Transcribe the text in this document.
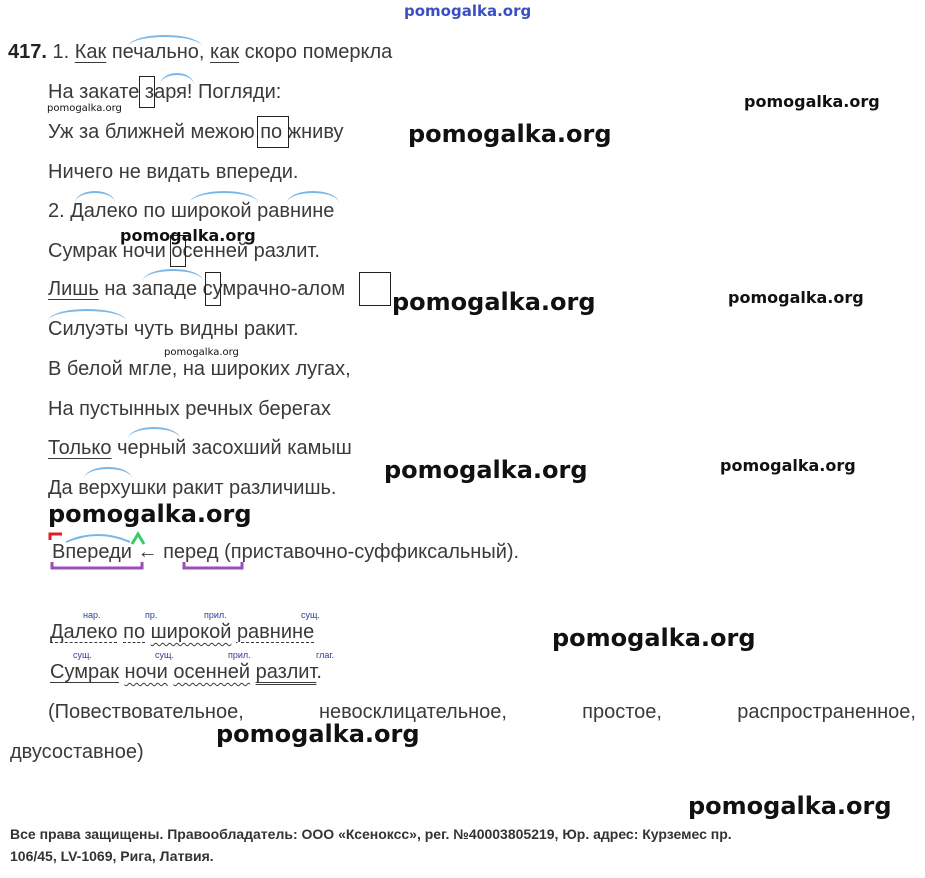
pomogalka.org
417. 1. Как печально, как скоро померкла
На закате заря! Погляди:
Уж за ближней межою по жниву
Ничего не видать впереди.
2. Далеко по широкой равнине
Сумрак ночи осенней разлит.
Лишь на западе сумрачно-алом
Силуэты чуть видны ракит.
В белой мгле, на широких лугах,
На пустынных речных берегах
Только черный засохший камыш
Да верхушки ракит различишь.
Впереди ← перед (приставочно-суффиксальный).
нар.	пр.	прил.	сущ.
Далеко по широкой равнине
сущ.	сущ.	прил.	глаг.
Сумрак ночи осенней разлит.
(Повествовательное, невосклицательное, простое, распространенное,
двусоставное)
pomogalka.org
pomogalka.org
pomogalka.org
pomogalka.org
pomogalka.org	pomogalka.org
pomogalka.org
pomogalka.org	pomogalka.org
pomogalka.org
pomogalka.org
pomogalka.org
pomogalka.org
Все права защищены. Правообладатель: ООО «Ксеноксс», рег. №40003805219, Юр. адрес: Курземес пр.
106/45, LV-1069, Рига, Латвия.
